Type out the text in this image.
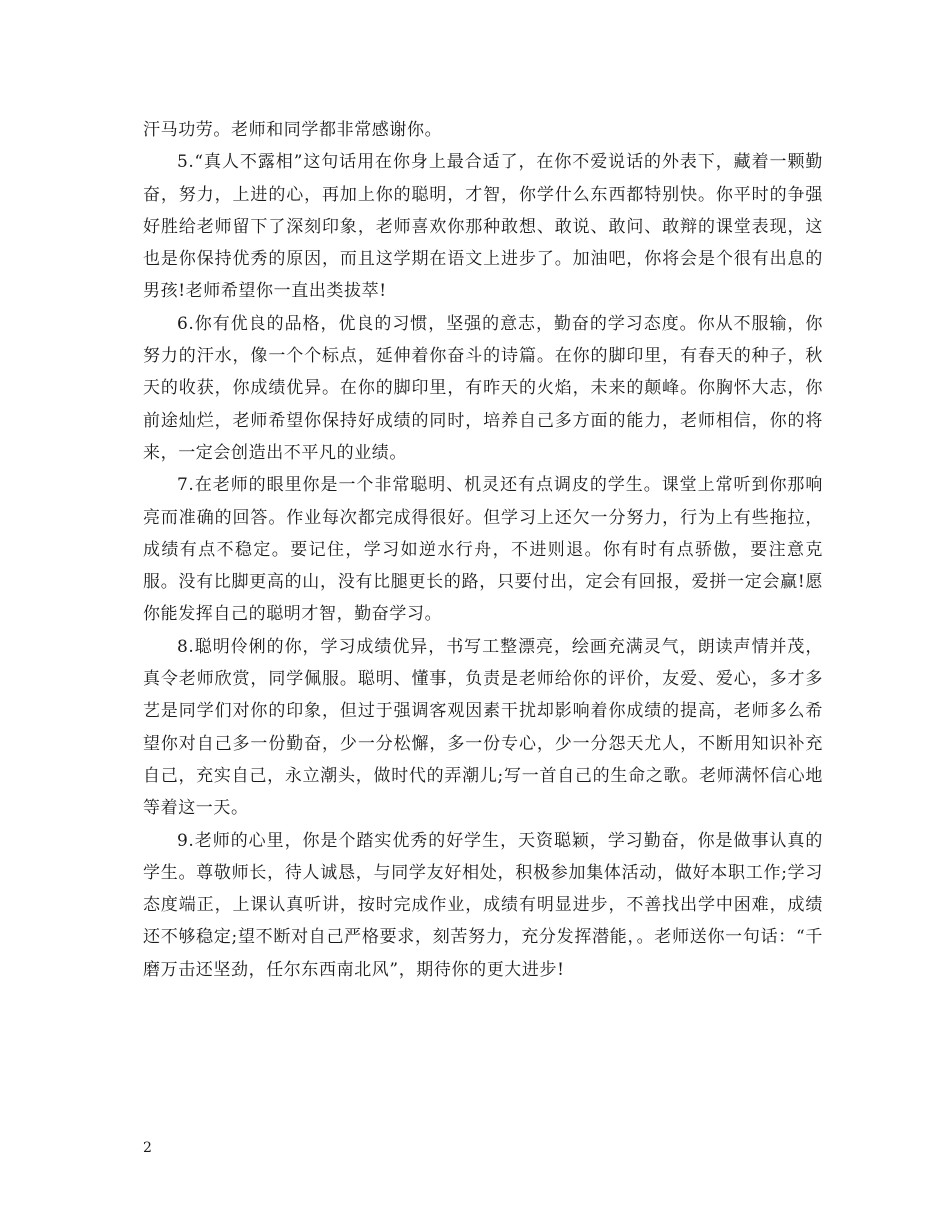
汗马功劳。老师和同学都非常感谢你。

5.“真人不露相”这句话用在你身上最合适了，在你不爱说话的外表下，藏着一颗勤奋，努力，上进的心，再加上你的聪明，才智，你学什么东西都特别快。你平时的争强好胜给老师留下了深刻印象，老师喜欢你那种敢想、敢说、敢问、敢辩的课堂表现，这也是你保持优秀的原因，而且这学期在语文上进步了。加油吧，你将会是个很有出息的男孩!老师希望你一直出类拔萃!

6.你有优良的品格，优良的习惯，坚强的意志，勤奋的学习态度。你从不服输，你努力的汗水，像一个个标点，延伸着你奋斗的诗篇。在你的脚印里，有春天的种子，秋天的收获，你成绩优异。在你的脚印里，有昨天的火焰，未来的颠峰。你胸怀大志，你前途灿烂，老师希望你保持好成绩的同时，培养自己多方面的能力，老师相信，你的将来，一定会创造出不平凡的业绩。

7.在老师的眼里你是一个非常聪明、机灵还有点调皮的学生。课堂上常听到你那响亮而准确的回答。作业每次都完成得很好。但学习上还欠一分努力，行为上有些拖拉，成绩有点不稳定。要记住，学习如逆水行舟，不进则退。你有时有点骄傲，要注意克服。没有比脚更高的山，没有比腿更长的路，只要付出，定会有回报，爱拼一定会赢!愿你能发挥自己的聪明才智，勤奋学习。

8.聪明伶俐的你，学习成绩优异，书写工整漂亮，绘画充满灵气，朗读声情并茂，真令老师欣赏，同学佩服。聪明、懂事，负责是老师给你的评价，友爱、爱心，多才多艺是同学们对你的印象，但过于强调客观因素干扰却影响着你成绩的提高，老师多么希望你对自己多一份勤奋，少一分松懈，多一份专心，少一分怨天尤人，不断用知识补充自己，充实自己，永立潮头，做时代的弄潮儿;写一首自己的生命之歌。老师满怀信心地等着这一天。

9.老师的心里，你是个踏实优秀的好学生，天资聪颖，学习勤奋，你是做事认真的学生。尊敬师长，待人诚恳，与同学友好相处，积极参加集体活动，做好本职工作;学习态度端正，上课认真听讲，按时完成作业，成绩有明显进步，不善找出学中困难，成绩还不够稳定;望不断对自己严格要求，刻苦努力，充分发挥潜能，。老师送你一句话：“千磨万击还坚劲，任尔东西南北风”，期待你的更大进步!

2
